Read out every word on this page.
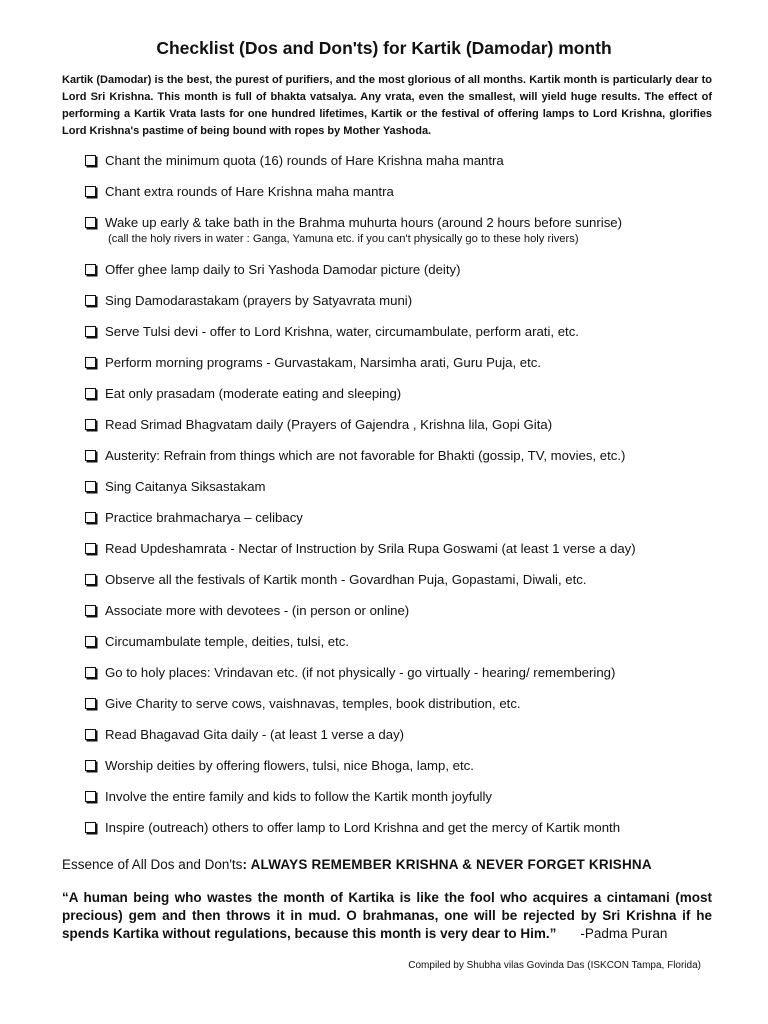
Checklist (Dos and Don'ts) for Kartik (Damodar) month
Kartik (Damodar) is the best, the purest of purifiers, and the most glorious of all months. Kartik month is particularly dear to Lord Sri Krishna. This month is full of bhakta vatsalya. Any vrata, even the smallest, will yield huge results. The effect of performing a Kartik Vrata lasts for one hundred lifetimes, Kartik or the festival of offering lamps to Lord Krishna, glorifies Lord Krishna's pastime of being bound with ropes by Mother Yashoda.
Chant the minimum quota (16) rounds of Hare Krishna maha mantra
Chant extra rounds of Hare Krishna maha mantra
Wake up early & take bath in the Brahma muhurta hours (around 2 hours before sunrise)
(call the holy rivers in water : Ganga, Yamuna etc. if you can't physically go to these holy rivers)
Offer ghee lamp daily to Sri Yashoda Damodar picture (deity)
Sing Damodarastakam (prayers by Satyavrata muni)
Serve Tulsi devi - offer to Lord Krishna, water, circumambulate, perform arati, etc.
Perform morning programs - Gurvastakam, Narsimha arati, Guru Puja, etc.
Eat only prasadam (moderate eating and sleeping)
Read Srimad Bhagvatam daily (Prayers of Gajendra , Krishna lila, Gopi Gita)
Austerity: Refrain from things which are not favorable for Bhakti (gossip, TV, movies, etc.)
Sing Caitanya Siksastakam
Practice brahmacharya – celibacy
Read Updeshamrata - Nectar of Instruction by Srila Rupa Goswami (at least 1 verse a day)
Observe all the festivals of Kartik month - Govardhan Puja, Gopastami, Diwali, etc.
Associate more with devotees - (in person or online)
Circumambulate temple, deities, tulsi, etc.
Go to holy places: Vrindavan etc. (if not physically - go virtually - hearing/ remembering)
Give Charity to serve cows, vaishnavas, temples, book distribution, etc.
Read Bhagavad Gita daily - (at least 1 verse a day)
Worship deities by offering flowers, tulsi, nice Bhoga, lamp, etc.
Involve the entire family and kids to follow the Kartik month joyfully
Inspire (outreach) others to offer lamp to Lord Krishna and get the mercy of Kartik month
Essence of All Dos and Don'ts: ALWAYS REMEMBER KRISHNA & NEVER FORGET KRISHNA
“A human being who wastes the month of Kartika is like the fool who acquires a cintamani (most precious) gem and then throws it in mud. O brahmanas, one will be rejected by Sri Krishna if he spends Kartika without regulations, because this month is very dear to Him.” -Padma Puran
Compiled by Shubha vilas Govinda Das (ISKCON Tampa, Florida)
